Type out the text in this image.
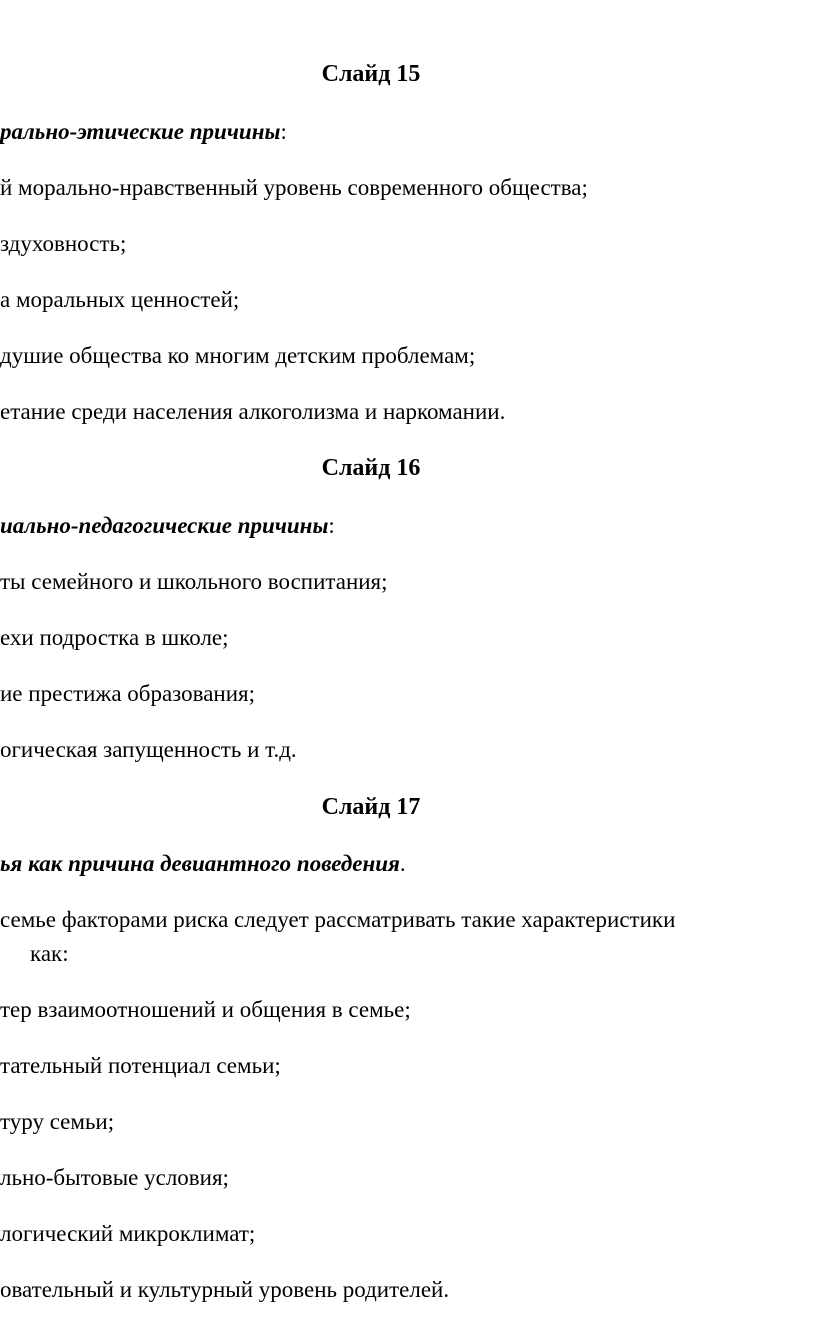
Слайд 15
рально-этические причины:
й морально-нравственный уровень современного общества;
здуховность;
а моральных ценностей;
душие общества ко многим детским проблемам;
етание среди населения алкоголизма и наркомании.
Слайд 16
иально-педагогические причины:
ты семейного и школьного воспитания;
ехи подростка в школе;
ие престижа образования;
огическая запущенность и т.д.
Слайд 17
ья как причина девиантного поведения.
семье факторами риска следует рассматривать такие характеристики
как:
тер взаимоотношений и общения в семье;
тательный потенциал семьи;
туру семьи;
льно-бытовые условия;
логический микроклимат;
овательный и культурный уровень родителей.
